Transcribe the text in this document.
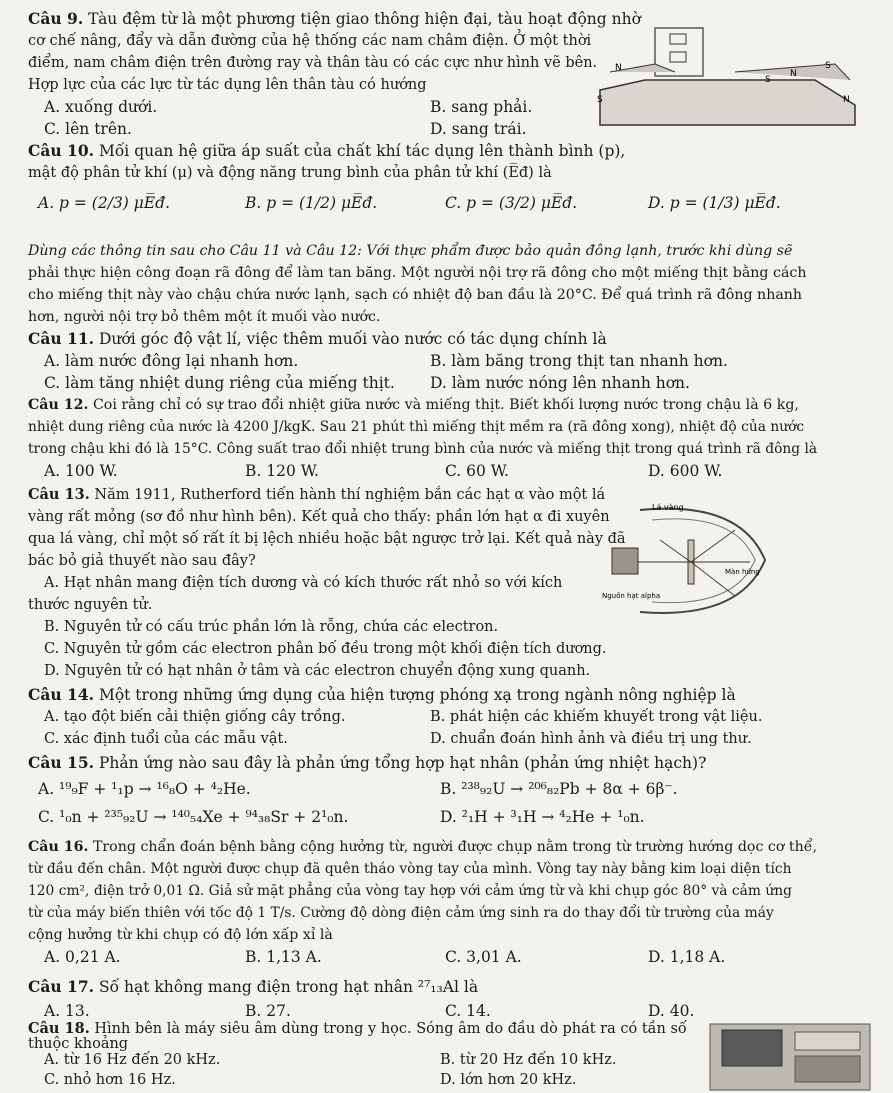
Câu 9. Tàu đệm từ là một phương tiện giao thông hiện đại, tàu hoạt động nhờ
cơ chế nâng, đẩy và dẫn đường của hệ thống các nam châm điện. Ở một thời
điểm, nam châm điện trên đường ray và thân tàu có các cực như hình vẽ bên.
Hợp lực của các lực từ tác dụng lên thân tàu có hướng
A. xuống dưới.	B. sang phải.
C. lên trên.	D. sang trái.
N
S
N
S
S	N
Câu 10. Mối quan hệ giữa áp suất của chất khí tác dụng lên thành bình (p),
mật độ phân tử khí (μ) và động năng trung bình của phân tử khí (E̅đ) là
A. p = (2/3) μE̅đ.	B. p = (1/2) μE̅đ.	C. p = (3/2) μE̅đ.	D. p = (1/3) μE̅đ.
Dùng các thông tin sau cho Câu 11 và Câu 12: Với thực phẩm được bảo quản đông lạnh, trước khi dùng sẽ
phải thực hiện công đoạn rã đông để làm tan băng. Một người nội trợ rã đông cho một miếng thịt bằng cách
cho miếng thịt này vào chậu chứa nước lạnh, sạch có nhiệt độ ban đầu là 20°C. Để quá trình rã đông nhanh
hơn, người nội trợ bỏ thêm một ít muối vào nước.
Câu 11. Dưới góc độ vật lí, việc thêm muối vào nước có tác dụng chính là
A. làm nước đông lại nhanh hơn.	B. làm băng trong thịt tan nhanh hơn.
C. làm tăng nhiệt dung riêng của miếng thịt. D. làm nước nóng lên nhanh hơn.
Câu 12. Coi rằng chỉ có sự trao đổi nhiệt giữa nước và miếng thịt. Biết khối lượng nước trong chậu là 6 kg,
nhiệt dung riêng của nước là 4200 J/kgK. Sau 21 phút thì miếng thịt mềm ra (rã đông xong), nhiệt độ của nước
trong chậu khi đó là 15°C. Công suất trao đổi nhiệt trung bình của nước và miếng thịt trong quá trình rã đông là
A. 100 W.	B. 120 W.	C. 60 W.	D. 600 W.
Câu 13. Năm 1911, Rutherford tiến hành thí nghiệm bắn các hạt α vào một lá
vàng rất mỏng (sơ đồ như hình bên). Kết quả cho thấy: phần lớn hạt α đi xuyên
qua lá vàng, chỉ một số rất ít bị lệch nhiều hoặc bật ngược trở lại. Kết quả này đã
bác bỏ giả thuyết nào sau đây?
A. Hạt nhân mang điện tích dương và có kích thước rất nhỏ so với kích
thước nguyên tử.
B. Nguyên tử có cấu trúc phần lớn là rỗng, chứa các electron.
C. Nguyên tử gồm các electron phân bố đều trong một khối điện tích dương.
D. Nguyên tử có hạt nhân ở tâm và các electron chuyển động xung quanh.
Lá vàng
Màn hứng
Nguồn hạt alpha
Câu 14. Một trong những ứng dụng của hiện tượng phóng xạ trong ngành nông nghiệp là
A. tạo đột biến cải thiện giống cây trồng.	B. phát hiện các khiếm khuyết trong vật liệu.
C. xác định tuổi của các mẫu vật.	D. chuẩn đoán hình ảnh và điều trị ung thư.
Câu 15. Phản ứng nào sau đây là phản ứng tổng hợp hạt nhân (phản ứng nhiệt hạch)?
A. ¹⁹₉F + ¹₁p → ¹⁶₈O + ⁴₂He.	B. ²³⁸₉₂U → ²⁰⁶₈₂Pb + 8α + 6β⁻.
C. ¹₀n + ²³⁵₉₂U → ¹⁴⁰₅₄Xe + ⁹⁴₃₈Sr + 2¹₀n.	D. ²₁H + ³₁H → ⁴₂He + ¹₀n.
Câu 16. Trong chẩn đoán bệnh bằng cộng hưởng từ, người được chụp nằm trong từ trường hướng dọc cơ thể,
từ đầu đến chân. Một người được chụp đã quên tháo vòng tay của mình. Vòng tay này bằng kim loại diện tích
120 cm², điện trở 0,01 Ω. Giả sử mặt phẳng của vòng tay hợp với cảm ứng từ và khi chụp góc 80° và cảm ứng
từ của máy biến thiên với tốc độ 1 T/s. Cường độ dòng điện cảm ứng sinh ra do thay đổi từ trường của máy
cộng hưởng từ khi chụp có độ lớn xấp xỉ là
A. 0,21 A.	B. 1,13 A.	C. 3,01 A.	D. 1,18 A.
Câu 17. Số hạt không mang điện trong hạt nhân ²⁷₁₃Al là
A. 13.	B. 27.	C. 14.	D. 40.
Câu 18. Hình bên là máy siêu âm dùng trong y học. Sóng âm do đầu dò phát ra có tần số
thuộc khoảng
A. từ 16 Hz đến 20 kHz.	B. từ 20 Hz đến 10 kHz.
C. nhỏ hơn 16 Hz.	D. lớn hơn 20 kHz.
